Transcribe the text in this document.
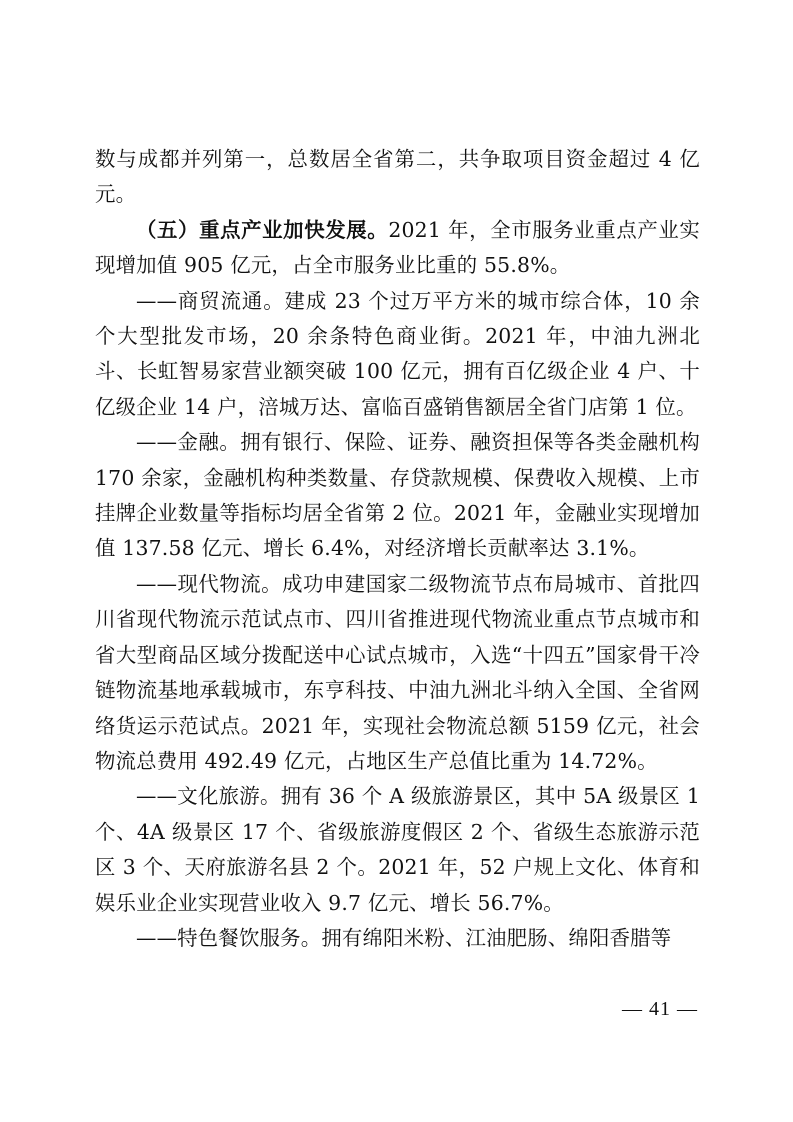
数与成都并列第一，总数居全省第二，共争取项目资金超过 4 亿元。

（五）重点产业加快发展。2021 年，全市服务业重点产业实现增加值 905 亿元，占全市服务业比重的 55.8%。

——商贸流通。建成 23 个过万平方米的城市综合体，10 余个大型批发市场，20 余条特色商业街。2021 年，中油九洲北斗、长虹智易家营业额突破 100 亿元，拥有百亿级企业 4 户、十亿级企业 14 户，涪城万达、富临百盛销售额居全省门店第 1 位。

——金融。拥有银行、保险、证券、融资担保等各类金融机构 170 余家，金融机构种类数量、存贷款规模、保费收入规模、上市挂牌企业数量等指标均居全省第 2 位。2021 年，金融业实现增加值 137.58 亿元、增长 6.4%，对经济增长贡献率达 3.1%。

——现代物流。成功申建国家二级物流节点布局城市、首批四川省现代物流示范试点市、四川省推进现代物流业重点节点城市和省大型商品区域分拨配送中心试点城市，入选“十四五”国家骨干冷链物流基地承载城市，东亨科技、中油九洲北斗纳入全国、全省网络货运示范试点。2021 年，实现社会物流总额 5159 亿元，社会物流总费用 492.49 亿元，占地区生产总值比重为 14.72%。

——文化旅游。拥有 36 个 A 级旅游景区，其中 5A 级景区 1 个、4A 级景区 17 个、省级旅游度假区 2 个、省级生态旅游示范区 3 个、天府旅游名县 2 个。2021 年，52 户规上文化、体育和娱乐业企业实现营业收入 9.7 亿元、增长 56.7%。

——特色餐饮服务。拥有绵阳米粉、江油肥肠、绵阳香腊等

— 41 —
